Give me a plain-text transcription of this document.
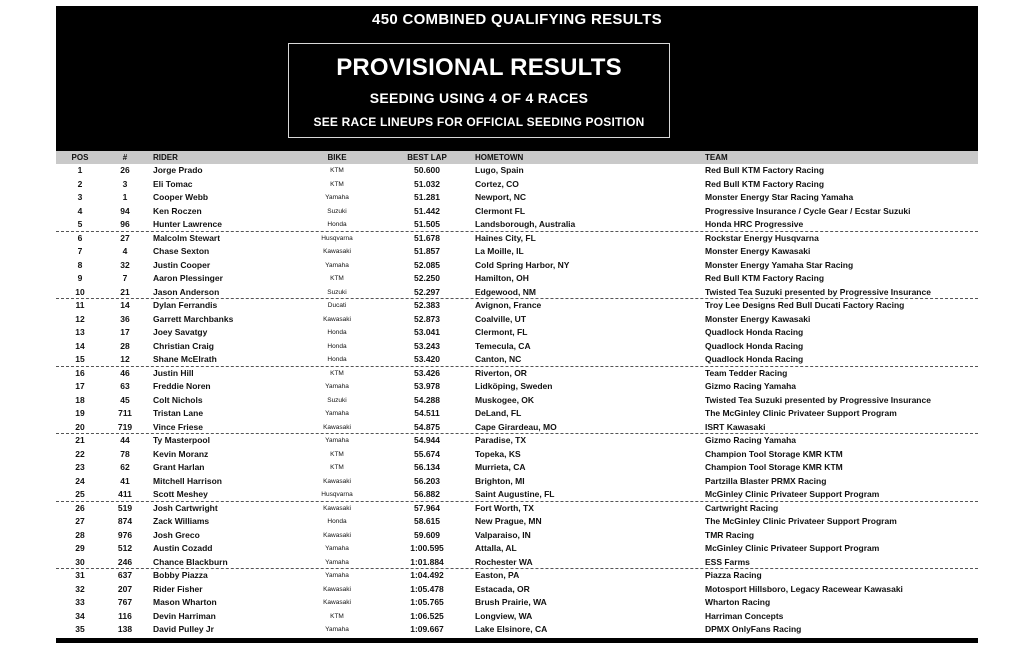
450 COMBINED QUALIFYING RESULTS
PROVISIONAL RESULTS
SEEDING USING 4 OF 4 RACES
SEE RACE LINEUPS FOR OFFICIAL SEEDING POSITION
POS	#	RIDER	BIKE	BEST LAP	HOMETOWN	TEAM
1	26	Jorge Prado	KTM	50.600	Lugo, Spain	Red Bull KTM Factory Racing
2	3	Eli Tomac	KTM	51.032	Cortez, CO	Red Bull KTM Factory Racing
3	1	Cooper Webb	Yamaha	51.281	Newport, NC	Monster Energy Star Racing Yamaha
4	94	Ken Roczen	Suzuki	51.442	Clermont FL	Progressive Insurance / Cycle Gear / Ecstar Suzuki
5	96	Hunter Lawrence	Honda	51.505	Landsborough, Australia	Honda HRC Progressive
6	27	Malcolm Stewart	Husqvarna	51.678	Haines City, FL	Rockstar Energy Husqvarna
7	4	Chase Sexton	Kawasaki	51.857	La Moille, IL	Monster Energy Kawasaki
8	32	Justin Cooper	Yamaha	52.085	Cold Spring Harbor, NY	Monster Energy Yamaha Star Racing
9	7	Aaron Plessinger	KTM	52.250	Hamilton, OH	Red Bull KTM Factory Racing
10	21	Jason Anderson	Suzuki	52.297	Edgewood, NM	Twisted Tea Suzuki presented by Progressive Insurance
11	14	Dylan Ferrandis	Ducati	52.383	Avignon, France	Troy Lee Designs Red Bull Ducati Factory Racing
12	36	Garrett Marchbanks	Kawasaki	52.873	Coalville, UT	Monster Energy Kawasaki
13	17	Joey Savatgy	Honda	53.041	Clermont, FL	Quadlock Honda Racing
14	28	Christian Craig	Honda	53.243	Temecula, CA	Quadlock Honda Racing
15	12	Shane McElrath	Honda	53.420	Canton, NC	Quadlock Honda Racing
16	46	Justin Hill	KTM	53.426	Riverton, OR	Team Tedder Racing
17	63	Freddie Noren	Yamaha	53.978	Lidköping, Sweden	Gizmo Racing Yamaha
18	45	Colt Nichols	Suzuki	54.288	Muskogee, OK	Twisted Tea Suzuki presented by Progressive Insurance
19	711	Tristan Lane	Yamaha	54.511	DeLand, FL	The McGinley Clinic Privateer Support Program
20	719	Vince Friese	Kawasaki	54.875	Cape Girardeau, MO	ISRT Kawasaki
21	44	Ty Masterpool	Yamaha	54.944	Paradise, TX	Gizmo Racing Yamaha
22	78	Kevin Moranz	KTM	55.674	Topeka, KS	Champion Tool Storage KMR KTM
23	62	Grant Harlan	KTM	56.134	Murrieta, CA	Champion Tool Storage KMR KTM
24	41	Mitchell Harrison	Kawasaki	56.203	Brighton, MI	Partzilla Blaster PRMX Racing
25	411	Scott Meshey	Husqvarna	56.882	Saint Augustine, FL	McGinley Clinic Privateer Support Program
26	519	Josh Cartwright	Kawasaki	57.964	Fort Worth, TX	Cartwright Racing
27	874	Zack Williams	Honda	58.615	New Prague, MN	The McGinley Clinic Privateer Support Program
28	976	Josh Greco	Kawasaki	59.609	Valparaiso, IN	TMR Racing
29	512	Austin Cozadd	Yamaha	1:00.595	Attalla, AL	McGinley Clinic Privateer Support Program
30	246	Chance Blackburn	Yamaha	1:01.884	Rochester WA	ESS Farms
31	637	Bobby Piazza	Yamaha	1:04.492	Easton, PA	Piazza Racing
32	207	Rider Fisher	Kawasaki	1:05.478	Estacada, OR	Motosport Hillsboro, Legacy Racewear Kawasaki
33	767	Mason Wharton	Kawasaki	1:05.765	Brush Prairie, WA	Wharton Racing
34	116	Devin Harriman	KTM	1:06.525	Longview, WA	Harriman Concepts
35	138	David Pulley Jr	Yamaha	1:09.667	Lake Elsinore, CA	DPMX OnlyFans Racing
